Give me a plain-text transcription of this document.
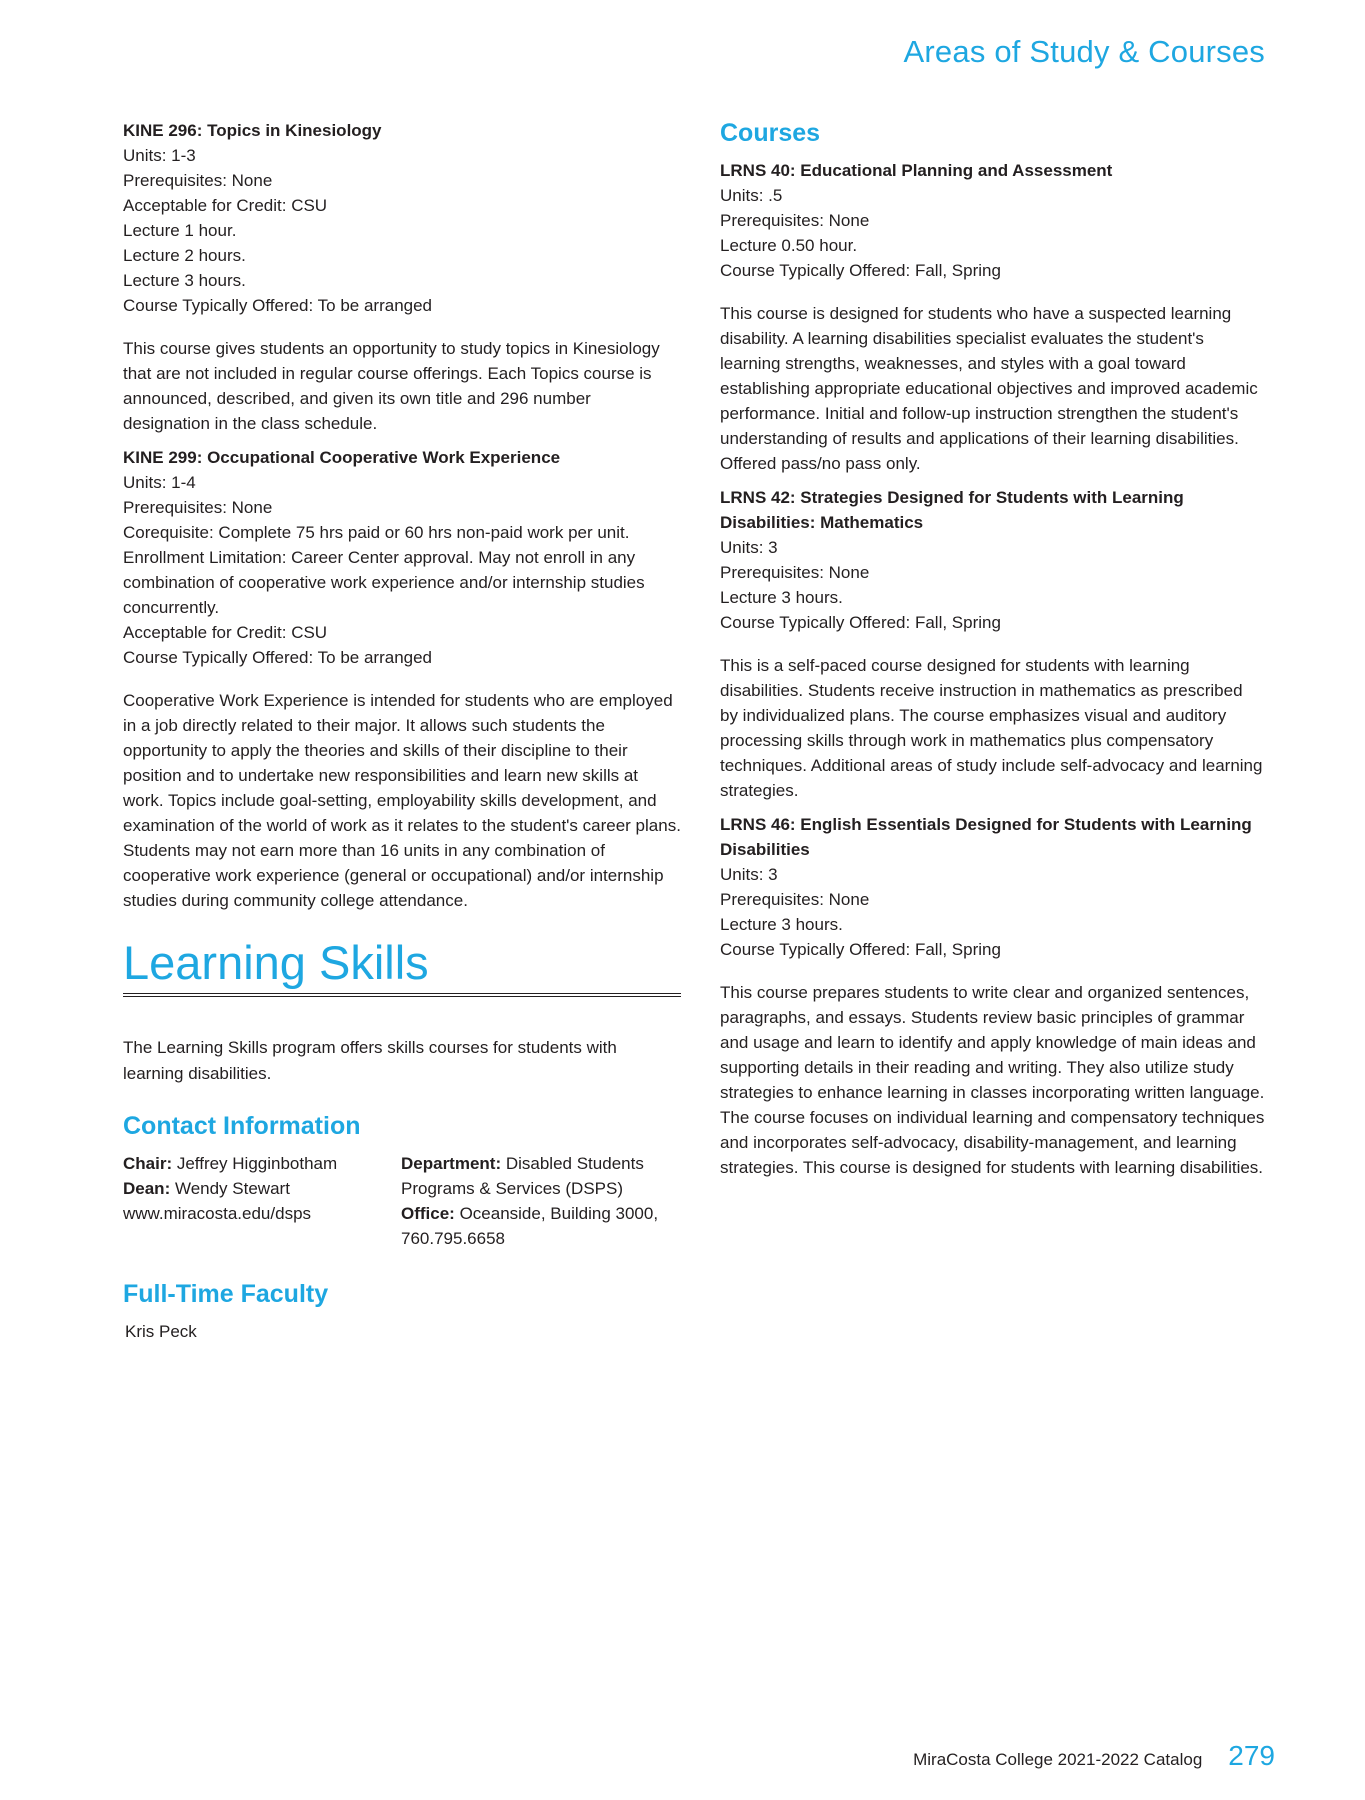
Areas of Study & Courses

KINE 296: Topics in Kinesiology

Units: 1-3

Prerequisites: None

Acceptable for Credit: CSU

Lecture 1 hour.

Lecture 2 hours.

Lecture 3 hours.

Course Typically Offered: To be arranged

This course gives students an opportunity to study topics in Kinesiology that are not included in regular course offerings. Each Topics course is announced, described, and given its own title and 296 number designation in the class schedule.

KINE 299: Occupational Cooperative Work Experience

Units: 1-4

Prerequisites: None

Corequisite: Complete 75 hrs paid or 60 hrs non-paid work per unit.

Enrollment Limitation: Career Center approval. May not enroll in any combination of cooperative work experience and/or internship studies concurrently.

Acceptable for Credit: CSU

Course Typically Offered: To be arranged

Cooperative Work Experience is intended for students who are employed in a job directly related to their major. It allows such students the opportunity to apply the theories and skills of their discipline to their position and to undertake new responsibilities and learn new skills at work. Topics include goal-setting, employability skills development, and examination of the world of work as it relates to the student's career plans. Students may not earn more than 16 units in any combination of cooperative work experience (general or occupational) and/or internship studies during community college attendance.

Learning Skills

The Learning Skills program offers skills courses for students with learning disabilities.

Contact Information

Chair: Jeffrey Higginbotham

Dean: Wendy Stewart

www.miracosta.edu/dsps

Department: Disabled Students Programs & Services (DSPS)

Office: Oceanside, Building 3000, 760.795.6658

Full-Time Faculty

Kris Peck

Courses

LRNS 40: Educational Planning and Assessment

Units: .5

Prerequisites: None

Lecture 0.50 hour.

Course Typically Offered: Fall, Spring

This course is designed for students who have a suspected learning disability. A learning disabilities specialist evaluates the student's learning strengths, weaknesses, and styles with a goal toward establishing appropriate educational objectives and improved academic performance. Initial and follow-up instruction strengthen the student's understanding of results and applications of their learning disabilities. Offered pass/no pass only.

LRNS 42: Strategies Designed for Students with Learning Disabilities: Mathematics

Units: 3

Prerequisites: None

Lecture 3 hours.

Course Typically Offered: Fall, Spring

This is a self-paced course designed for students with learning disabilities. Students receive instruction in mathematics as prescribed by individualized plans. The course emphasizes visual and auditory processing skills through work in mathematics plus compensatory techniques. Additional areas of study include self-advocacy and learning strategies.

LRNS 46: English Essentials Designed for Students with Learning Disabilities

Units: 3

Prerequisites: None

Lecture 3 hours.

Course Typically Offered: Fall, Spring

This course prepares students to write clear and organized sentences, paragraphs, and essays. Students review basic principles of grammar and usage and learn to identify and apply knowledge of main ideas and supporting details in their reading and writing. They also utilize study strategies to enhance learning in classes incorporating written language. The course focuses on individual learning and compensatory techniques and incorporates self-advocacy, disability-management, and learning strategies. This course is designed for students with learning disabilities.

MiraCosta College 2021-2022 Catalog 279
